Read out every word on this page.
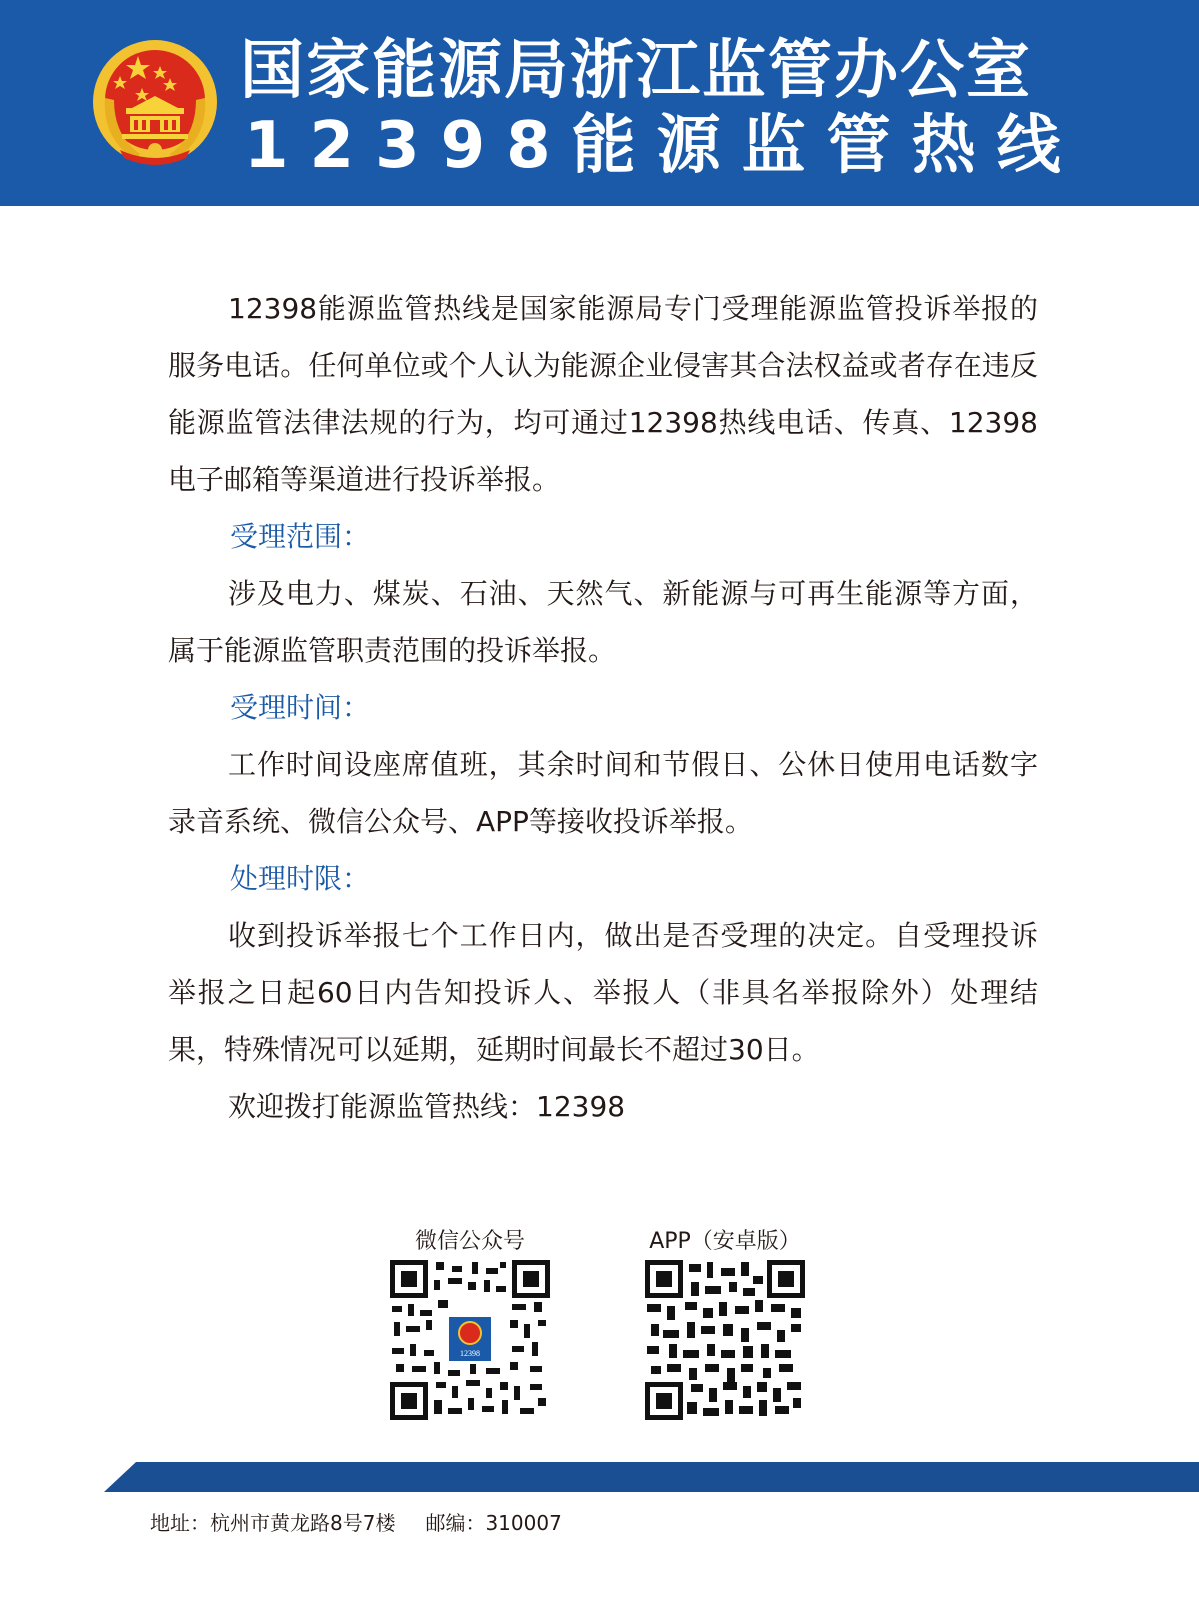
国家能源局浙江监管办公室
12398能源监管热线

12398能源监管热线是国家能源局专门受理能源监管投诉举报的服务电话。任何单位或个人认为能源企业侵害其合法权益或者存在违反能源监管法律法规的行为，均可通过12398热线电话、传真、12398 电子邮箱等渠道进行投诉举报。

受理范围：

涉及电力、煤炭、石油、天然气、新能源与可再生能源等方面，属于能源监管职责范围的投诉举报。

受理时间：

工作时间设座席值班，其余时间和节假日、公休日使用电话数字录音系统、微信公众号、APP等接收投诉举报。

处理时限：

收到投诉举报七个工作日内，做出是否受理的决定。自受理投诉举报之日起60日内告知投诉人、举报人（非具名举报除外）处理结果，特殊情况可以延期，延期时间最长不超过30日。

欢迎拨打能源监管热线：12398

微信公众号
12398
APP（安卓版）
地址：杭州市黄龙路8号7楼 邮编：310007
